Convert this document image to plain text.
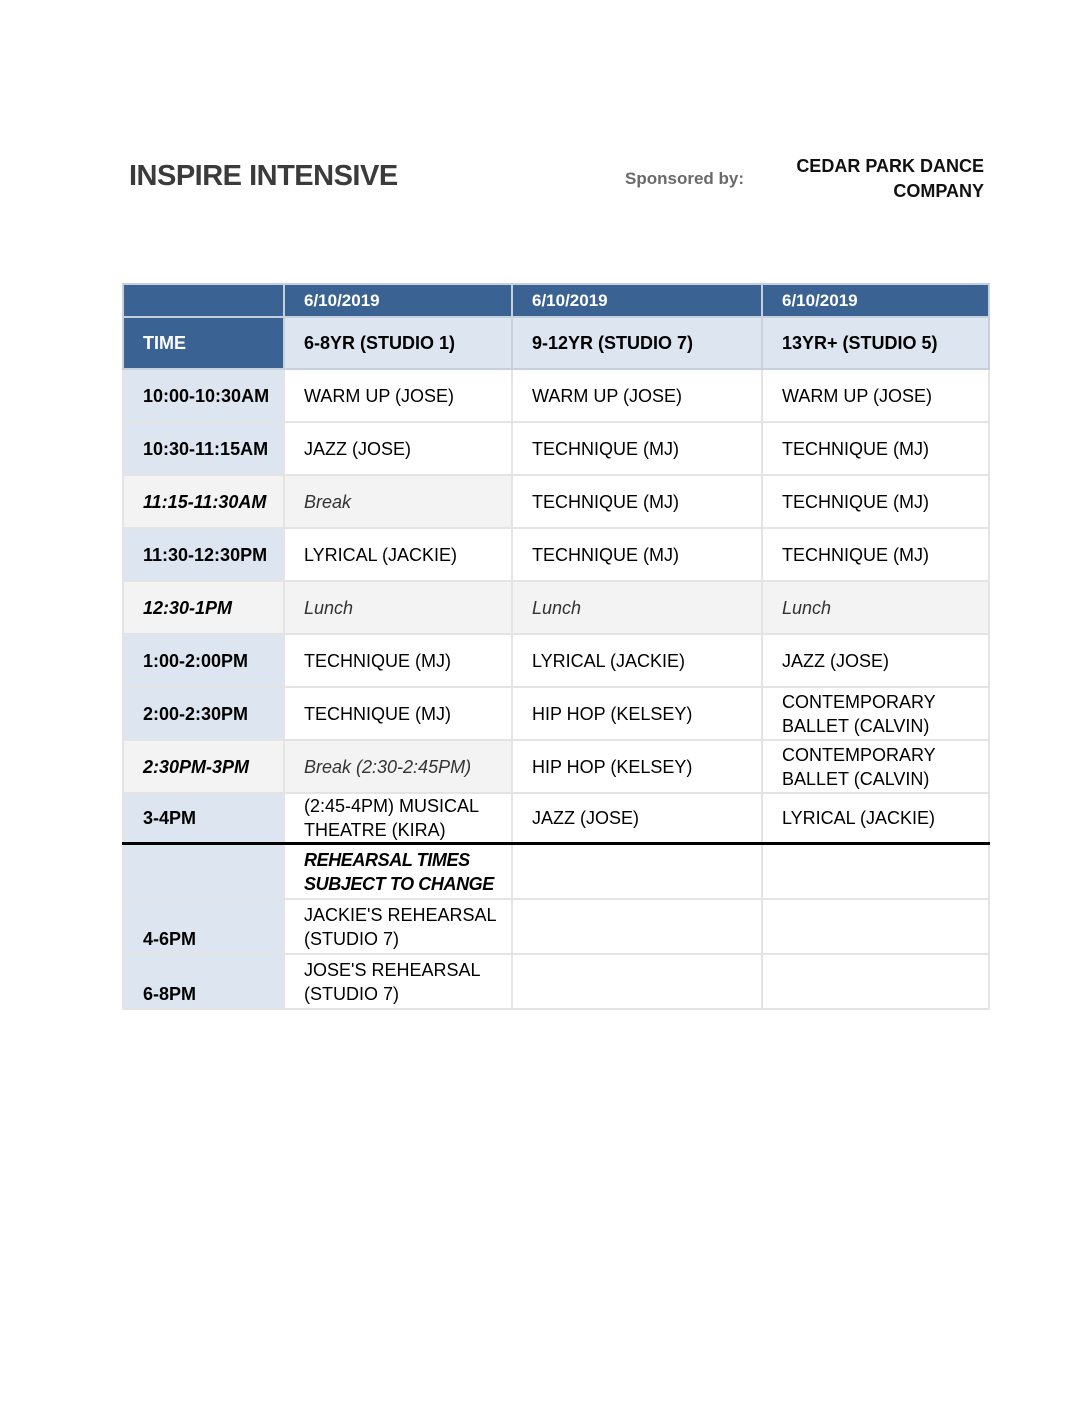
INSPIRE INTENSIVE	Sponsored by:
CEDAR PARK DANCE
COMPANY
	6/10/2019	6/10/2019	6/10/2019
TIME	6-8YR (STUDIO 1)	9-12YR (STUDIO 7)	13YR+ (STUDIO 5)
10:00-10:30AM	WARM UP (JOSE)	WARM UP (JOSE)	WARM UP (JOSE)
10:30-11:15AM	JAZZ (JOSE)	TECHNIQUE (MJ)	TECHNIQUE (MJ)
11:15-11:30AM	Break	TECHNIQUE (MJ)	TECHNIQUE (MJ)
11:30-12:30PM	LYRICAL (JACKIE)	TECHNIQUE (MJ)	TECHNIQUE (MJ)
12:30-1PM	Lunch	Lunch	Lunch
1:00-2:00PM	TECHNIQUE (MJ)	LYRICAL (JACKIE)	JAZZ (JOSE)
2:00-2:30PM	TECHNIQUE (MJ)	HIP HOP (KELSEY)	CONTEMPORARY BALLET (CALVIN)
2:30PM-3PM	Break (2:30-2:45PM)	HIP HOP (KELSEY)	CONTEMPORARY BALLET (CALVIN)
3-4PM	(2:45-4PM) MUSICAL THEATRE (KIRA)	JAZZ (JOSE)	LYRICAL (JACKIE)
	REHEARSAL TIMES SUBJECT TO CHANGE		
4-6PM	JACKIE'S REHEARSAL (STUDIO 7)		
6-8PM	JOSE'S REHEARSAL (STUDIO 7)		
